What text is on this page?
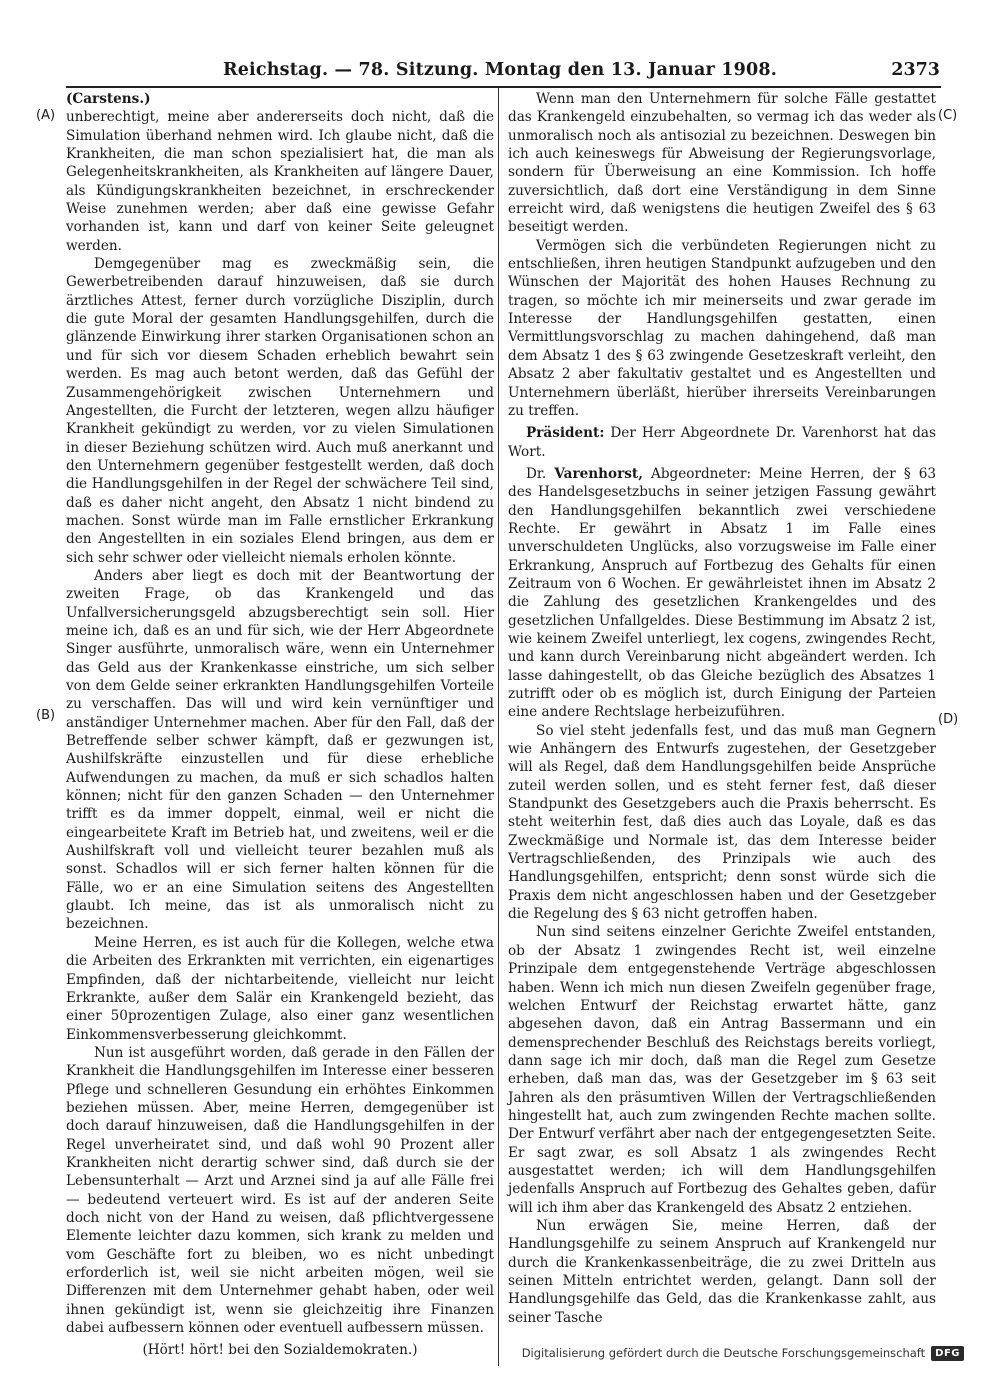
Reichstag. — 78. Sitzung. Montag den 13. Januar 1908.	2373
(A)
(B)
(C)
(D)

(Carstens.)

unberechtigt, meine aber andererseits doch nicht, daß die Simulation überhand nehmen wird. Ich glaube nicht, daß die Krankheiten, die man schon spezialisiert hat, die man als Gelegenheitskrankheiten, als Krankheiten auf längere Dauer, als Kündigungskrankheiten bezeichnet, in erschreckender Weise zunehmen werden; aber daß eine gewisse Gefahr vorhanden ist, kann und darf von keiner Seite geleugnet werden.

Demgegenüber mag es zweckmäßig sein, die Gewerbetreibenden darauf hinzuweisen, daß sie durch ärztliches Attest, ferner durch vorzügliche Disziplin, durch die gute Moral der gesamten Handlungsgehilfen, durch die glänzende Einwirkung ihrer starken Organisationen schon an und für sich vor diesem Schaden erheblich bewahrt sein werden. Es mag auch betont werden, daß das Gefühl der Zusammengehörigkeit zwischen Unternehmern und Angestellten, die Furcht der letzteren, wegen allzu häufiger Krankheit gekündigt zu werden, vor zu vielen Simulationen in dieser Beziehung schützen wird. Auch muß anerkannt und den Unternehmern gegenüber festgestellt werden, daß doch die Handlungsgehilfen in der Regel der schwächere Teil sind, daß es daher nicht angeht, den Absatz 1 nicht bindend zu machen. Sonst würde man im Falle ernstlicher Erkrankung den Angestellten in ein soziales Elend bringen, aus dem er sich sehr schwer oder vielleicht niemals erholen könnte.

Anders aber liegt es doch mit der Beantwortung der zweiten Frage, ob das Krankengeld und das Unfallversicherungsgeld abzugsberechtigt sein soll. Hier meine ich, daß es an und für sich, wie der Herr Abgeordnete Singer ausführte, unmoralisch wäre, wenn ein Unternehmer das Geld aus der Krankenkasse einstriche, um sich selber von dem Gelde seiner erkrankten Handlungsgehilfen Vorteile zu verschaffen. Das will und wird kein vernünftiger und anständiger Unternehmer machen. Aber für den Fall, daß der Betreffende selber schwer kämpft, daß er gezwungen ist, Aushilfskräfte einzustellen und für diese erhebliche Aufwendungen zu machen, da muß er sich schadlos halten können; nicht für den ganzen Schaden — den Unternehmer trifft es da immer doppelt, einmal, weil er nicht die eingearbeitete Kraft im Betrieb hat, und zweitens, weil er die Aushilfskraft voll und vielleicht teurer bezahlen muß als sonst. Schadlos will er sich ferner halten können für die Fälle, wo er an eine Simulation seitens des Angestellten glaubt. Ich meine, das ist als unmoralisch nicht zu bezeichnen.

Meine Herren, es ist auch für die Kollegen, welche etwa die Arbeiten des Erkrankten mit verrichten, ein eigenartiges Empfinden, daß der nichtarbeitende, vielleicht nur leicht Erkrankte, außer dem Salär ein Krankengeld bezieht, das einer 50prozentigen Zulage, also einer ganz wesentlichen Einkommensverbesserung gleichkommt.

Nun ist ausgeführt worden, daß gerade in den Fällen der Krankheit die Handlungsgehilfen im Interesse einer besseren Pflege und schnelleren Gesundung ein erhöhtes Einkommen beziehen müssen. Aber, meine Herren, demgegenüber ist doch darauf hinzuweisen, daß die Handlungsgehilfen in der Regel unverheiratet sind, und daß wohl 90 Prozent aller Krankheiten nicht derartig schwer sind, daß durch sie der Lebensunterhalt — Arzt und Arznei sind ja auf alle Fälle frei — bedeutend verteuert wird. Es ist auf der anderen Seite doch nicht von der Hand zu weisen, daß pflichtvergessene Elemente leichter dazu kommen, sich krank zu melden und vom Geschäfte fort zu bleiben, wo es nicht unbedingt erforderlich ist, weil sie nicht arbeiten mögen, weil sie Differenzen mit dem Unternehmer gehabt haben, oder weil ihnen gekündigt ist, wenn sie gleichzeitig ihre Finanzen dabei aufbessern können oder eventuell aufbessern müssen.

(Hört! hört! bei den Sozialdemokraten.)

Wenn man den Unternehmern für solche Fälle gestattet das Krankengeld einzubehalten, so vermag ich das weder als unmoralisch noch als antisozial zu bezeichnen. Deswegen bin ich auch keineswegs für Abweisung der Regierungsvorlage, sondern für Überweisung an eine Kommission. Ich hoffe zuversichtlich, daß dort eine Verständigung in dem Sinne erreicht wird, daß wenigstens die heutigen Zweifel des § 63 beseitigt werden.

Vermögen sich die verbündeten Regierungen nicht zu entschließen, ihren heutigen Standpunkt aufzugeben und den Wünschen der Majorität des hohen Hauses Rechnung zu tragen, so möchte ich mir meinerseits und zwar gerade im Interesse der Handlungsgehilfen gestatten, einen Vermittlungsvorschlag zu machen dahingehend, daß man dem Absatz 1 des § 63 zwingende Gesetzeskraft verleiht, den Absatz 2 aber fakultativ gestaltet und es Angestellten und Unternehmern überläßt, hierüber ihrerseits Vereinbarungen zu treffen.

Präsident: Der Herr Abgeordnete Dr. Varenhorst hat das Wort.

Dr. Varenhorst, Abgeordneter: Meine Herren, der § 63 des Handelsgesetzbuchs in seiner jetzigen Fassung gewährt den Handlungsgehilfen bekanntlich zwei verschiedene Rechte. Er gewährt in Absatz 1 im Falle eines unverschuldeten Unglücks, also vorzugsweise im Falle einer Erkrankung, Anspruch auf Fortbezug des Gehalts für einen Zeitraum von 6 Wochen. Er gewährleistet ihnen im Absatz 2 die Zahlung des gesetzlichen Krankengeldes und des gesetzlichen Unfallgeldes. Diese Bestimmung im Absatz 2 ist, wie keinem Zweifel unterliegt, lex cogens, zwingendes Recht, und kann durch Vereinbarung nicht abgeändert werden. Ich lasse dahingestellt, ob das Gleiche bezüglich des Absatzes 1 zutrifft oder ob es möglich ist, durch Einigung der Parteien eine andere Rechtslage herbeizuführen.

So viel steht jedenfalls fest, und das muß man Gegnern wie Anhängern des Entwurfs zugestehen, der Gesetzgeber will als Regel, daß dem Handlungsgehilfen beide Ansprüche zuteil werden sollen, und es steht ferner fest, daß dieser Standpunkt des Gesetzgebers auch die Praxis beherrscht. Es steht weiterhin fest, daß dies auch das Loyale, daß es das Zweckmäßige und Normale ist, das dem Interesse beider Vertragschließenden, des Prinzipals wie auch des Handlungsgehilfen, entspricht; denn sonst würde sich die Praxis dem nicht angeschlossen haben und der Gesetzgeber die Regelung des § 63 nicht getroffen haben.

Nun sind seitens einzelner Gerichte Zweifel entstanden, ob der Absatz 1 zwingendes Recht ist, weil einzelne Prinzipale dem entgegenstehende Verträge abgeschlossen haben. Wenn ich mich nun diesen Zweifeln gegenüber frage, welchen Entwurf der Reichstag erwartet hätte, ganz abgesehen davon, daß ein Antrag Bassermann und ein demensprechender Beschluß des Reichstags bereits vorliegt, dann sage ich mir doch, daß man die Regel zum Gesetze erheben, daß man das, was der Gesetzgeber im § 63 seit Jahren als den präsumtiven Willen der Vertragschließenden hingestellt hat, auch zum zwingenden Rechte machen sollte. Der Entwurf verfährt aber nach der entgegengesetzten Seite. Er sagt zwar, es soll Absatz 1 als zwingendes Recht ausgestattet werden; ich will dem Handlungsgehilfen jedenfalls Anspruch auf Fortbezug des Gehaltes geben, dafür will ich ihm aber das Krankengeld des Absatz 2 entziehen.

Nun erwägen Sie, meine Herren, daß der Handlungsgehilfe zu seinem Anspruch auf Krankengeld nur durch die Krankenkassenbeiträge, die zu zwei Dritteln aus seinen Mitteln entrichtet werden, gelangt. Dann soll der Handlungsgehilfe das Geld, das die Krankenkasse zahlt, aus seiner Tasche

Digitalisierung gefördert durch die Deutsche Forschungsgemeinschaft	DFG
